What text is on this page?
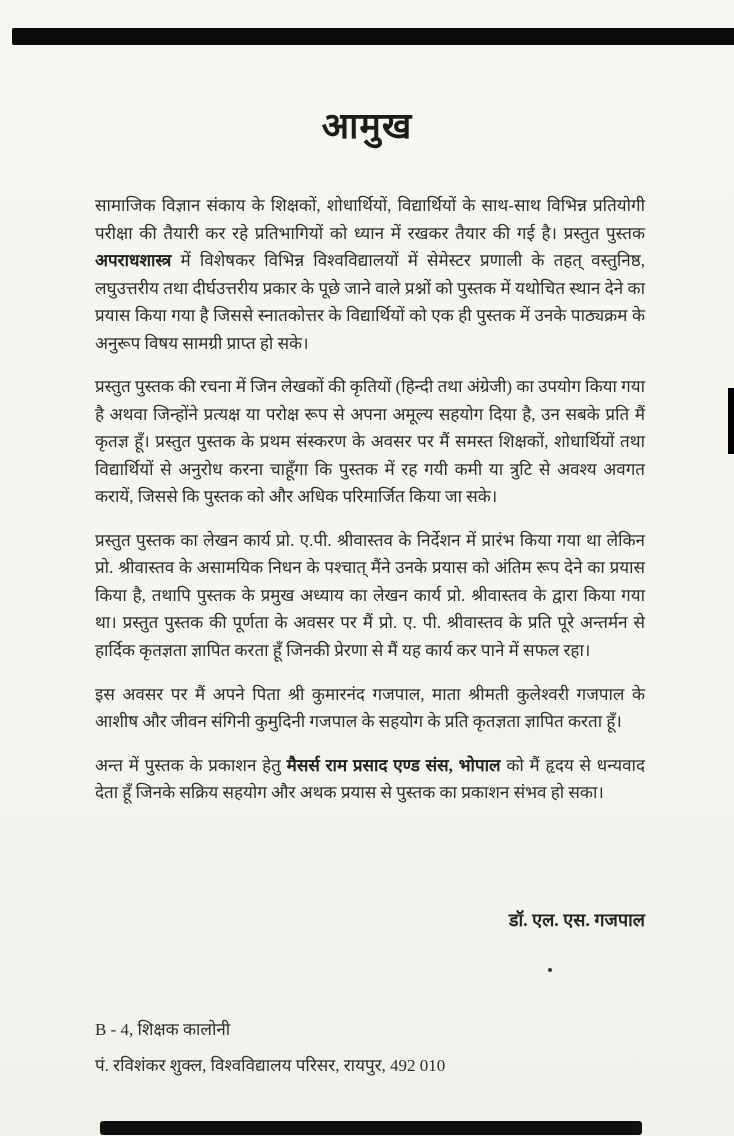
आमुख

सामाजिक विज्ञान संकाय के शिक्षकों, शोधार्थियों, विद्यार्थियों के साथ-साथ विभिन्न प्रतियोगी परीक्षा की तैयारी कर रहे प्रतिभागियों को ध्यान में रखकर तैयार की गई है। प्रस्तुत पुस्तक अपराधशास्त्र में विशेषकर विभिन्न विश्वविद्यालयों में सेमेस्टर प्रणाली के तहत् वस्तुनिष्ठ, लघुउत्तरीय तथा दीर्घउत्तरीय प्रकार के पूछे जाने वाले प्रश्नों को पुस्तक में यथोचित स्थान देने का प्रयास किया गया है जिससे स्नातकोत्तर के विद्यार्थियों को एक ही पुस्तक में उनके पाठ्यक्रम के अनुरूप विषय सामग्री प्राप्त हो सके।

प्रस्तुत पुस्तक की रचना में जिन लेखकों की कृतियों (हिन्दी तथा अंग्रेजी) का उपयोग किया गया है अथवा जिन्होंने प्रत्यक्ष या परोक्ष रूप से अपना अमूल्य सहयोग दिया है, उन सबके प्रति मैं कृतज्ञ हूँ। प्रस्तुत पुस्तक के प्रथम संस्करण के अवसर पर मैं समस्त शिक्षकों, शोधार्थियों तथा विद्यार्थियों से अनुरोध करना चाहूँगा कि पुस्तक में रह गयी कमी या त्रुटि से अवश्य अवगत करायें, जिससे कि पुस्तक को और अधिक परिमार्जित किया जा सके।

प्रस्तुत पुस्तक का लेखन कार्य प्रो. ए.पी. श्रीवास्तव के निर्देशन में प्रारंभ किया गया था लेकिन प्रो. श्रीवास्तव के असामयिक निधन के पश्चात् मैंने उनके प्रयास को अंतिम रूप देने का प्रयास किया है, तथापि पुस्तक के प्रमुख अध्याय का लेखन कार्य प्रो. श्रीवास्तव के द्वारा किया गया था। प्रस्तुत पुस्तक की पूर्णता के अवसर पर मैं प्रो. ए. पी. श्रीवास्तव के प्रति पूरे अन्तर्मन से हार्दिक कृतज्ञता ज्ञापित करता हूँ जिनकी प्रेरणा से मैं यह कार्य कर पाने में सफल रहा।

इस अवसर पर मैं अपने पिता श्री कुमारनंद गजपाल, माता श्रीमती कुलेश्वरी गजपाल के आशीष और जीवन संगिनी कुमुदिनी गजपाल के सहयोग के प्रति कृतज्ञता ज्ञापित करता हूँ।

अन्त में पुस्तक के प्रकाशन हेतु मैसर्स राम प्रसाद एण्ड संस, भोपाल को मैं हृदय से धन्यवाद देता हूँ जिनके सक्रिय सहयोग और अथक प्रयास से पुस्तक का प्रकाशन संभव हो सका।

डॉ. एल. एस. गजपाल
B - 4, शिक्षक कालोनी
पं. रविशंकर शुक्ल, विश्वविद्यालय परिसर, रायपुर, 492 010
